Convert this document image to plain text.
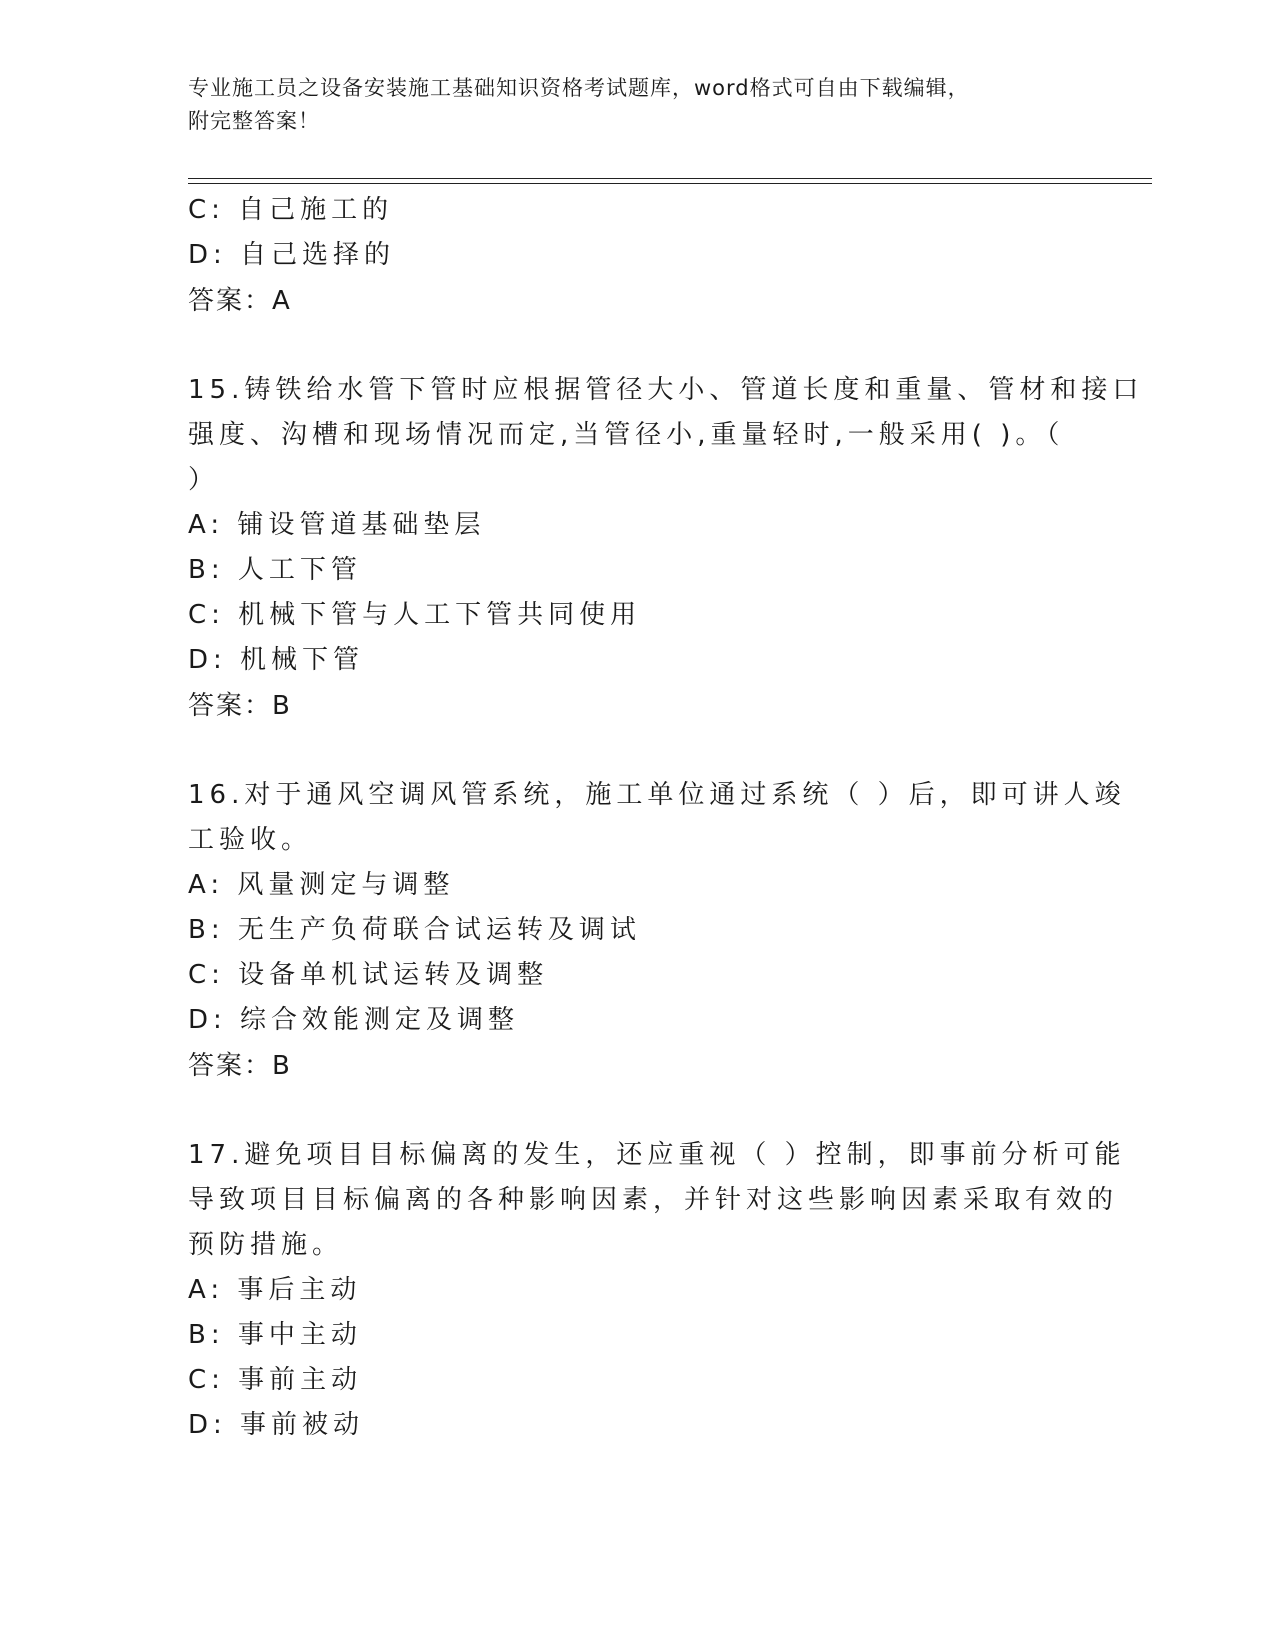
专业施工员之设备安装施工基础知识资格考试题库，word格式可自由下载编辑，
附完整答案！
C: 自己施工的
D: 自己选择的
答案：A
15.铸铁给水管下管时应根据管径大小、管道长度和重量、管材和接口
强度、沟槽和现场情况而定,当管径小,重量轻时,一般采用( )。（
）
A: 铺设管道基础垫层
B: 人工下管
C: 机械下管与人工下管共同使用
D: 机械下管
答案：B
16.对于通风空调风管系统，施工单位通过系统（ ）后，即可讲人竣
工验收。
A: 风量测定与调整
B: 无生产负荷联合试运转及调试
C: 设备单机试运转及调整
D: 综合效能测定及调整
答案：B
17.避免项目目标偏离的发生，还应重视（ ）控制，即事前分析可能
导致项目目标偏离的各种影响因素，并针对这些影响因素采取有效的
预防措施。
A: 事后主动
B: 事中主动
C: 事前主动
D: 事前被动
